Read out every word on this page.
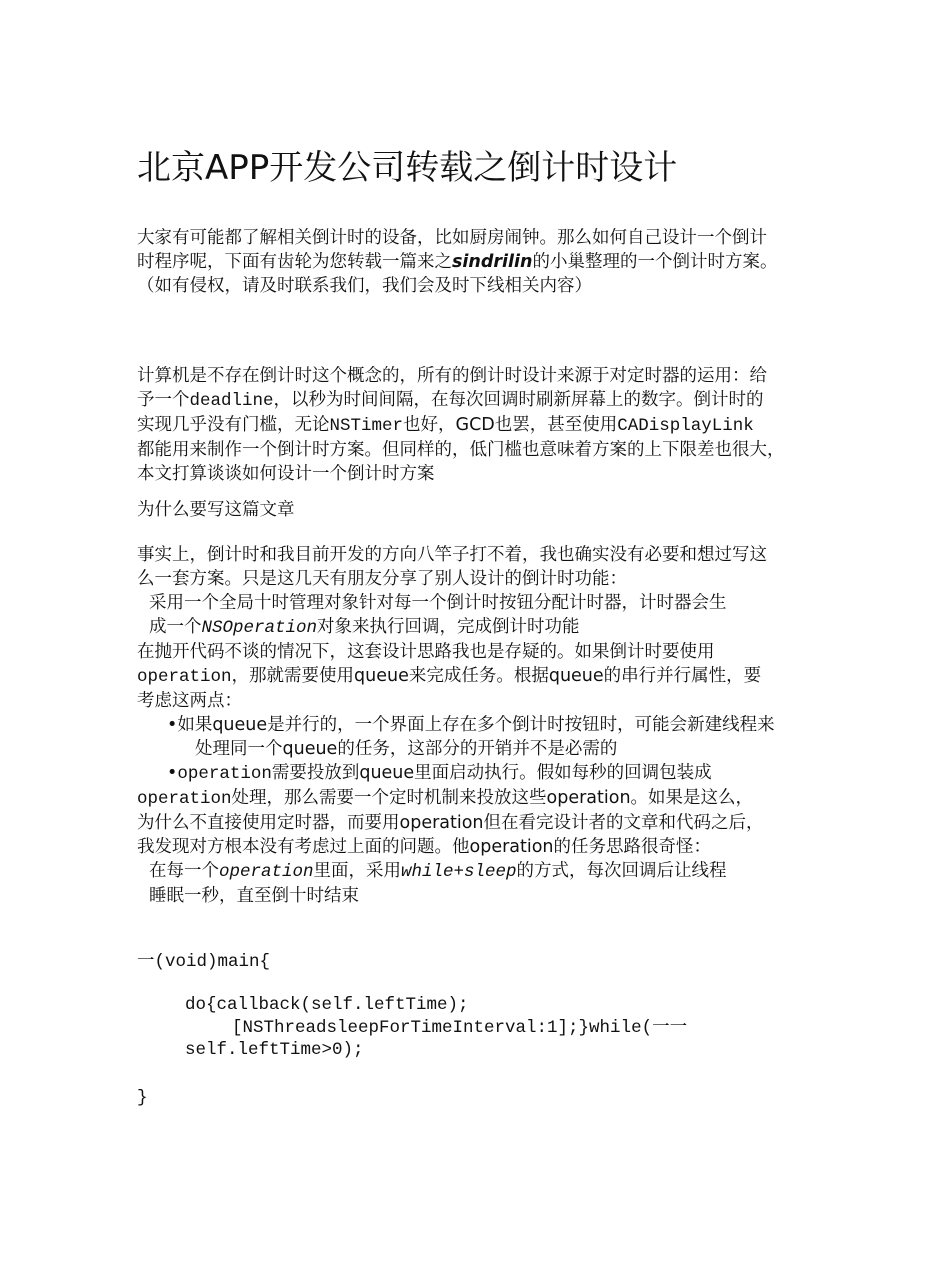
北京APP开发公司转载之倒计时设计

大家有可能都了解相关倒计时的设备，比如厨房闹钟。那么如何自己设计一个倒计

时程序呢，下面有齿轮为您转载一篇来之sindrilin的小巢整理的一个倒计时方案。

（如有侵权，请及时联系我们，我们会及时下线相关内容）

计算机是不存在倒计时这个概念的，所有的倒计时设计来源于对定时器的运用：给

予一个deadline，以秒为时间间隔，在每次回调时刷新屏幕上的数字。倒计时的

实现几乎没有门槛，无论NSTimer也好，GCD也罢，甚至使用CADisplayLink

都能用来制作一个倒计时方案。但同样的，低门槛也意味着方案的上下限差也很大，

本文打算谈谈如何设计一个倒计时方案

为什么要写这篇文章

事实上，倒计时和我目前开发的方向八竿子打不着，我也确实没有必要和想过写这

么一套方案。只是这几天有朋友分享了别人设计的倒计时功能：

采用一个全局十时管理对象针对每一个倒计时按钮分配计时器，计时器会生

成一个NSOperation对象来执行回调，完成倒计时功能

在抛开代码不谈的情况下，这套设计思路我也是存疑的。如果倒计时要使用

operation，那就需要使用queue来完成任务。根据queue的串行并行属性，要

考虑这两点：

•如果queue是并行的，一个界面上存在多个倒计时按钮时，可能会新建线程来

处理同一个queue的任务，这部分的开销并不是必需的

•operation需要投放到queue里面启动执行。假如每秒的回调包装成

operation处理，那么需要一个定时机制来投放这些operation。如果是这么，

为什么不直接使用定时器，而要用operation但在看完设计者的文章和代码之后，

我发现对方根本没有考虑过上面的问题。他operation的任务思路很奇怪：

在每一个operation里面，采用while+sleep的方式，每次回调后让线程

睡眠一秒，直至倒十时结束

一(void)main{

do{callback(self.leftTime);

[NSThreadsleepForTimeInterval:1];}while(一一

self.leftTime>0);

}
